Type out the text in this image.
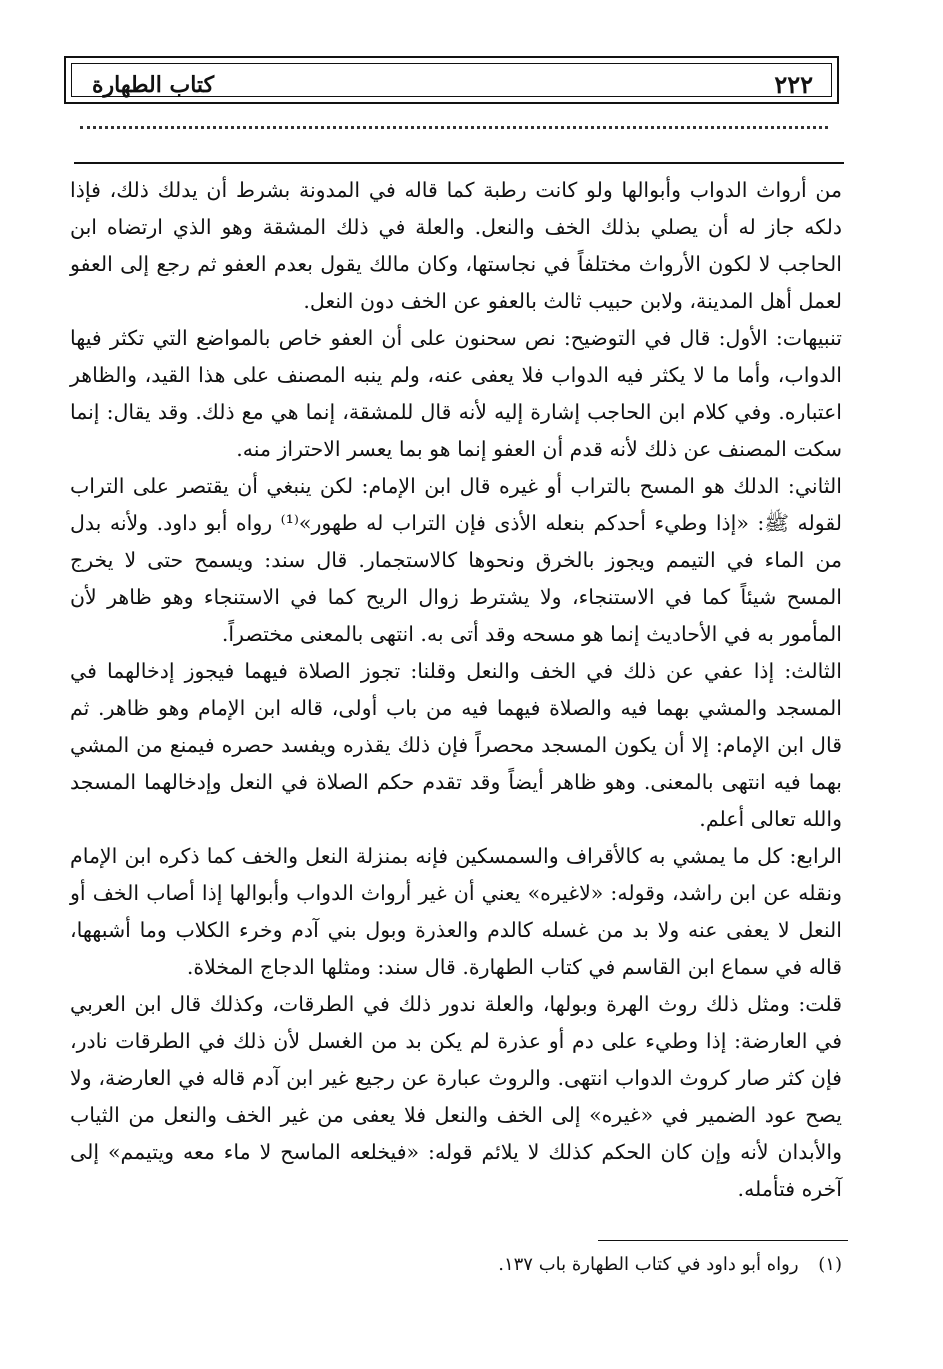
كتاب الطهارة	٢٢٢

من أرواث الدواب وأبوالها ولو كانت رطبة كما قاله في المدونة بشرط أن يدلك ذلك، فإذا دلكه جاز له أن يصلي بذلك الخف والنعل. والعلة في ذلك المشقة وهو الذي ارتضاه ابن الحاجب لا لكون الأرواث مختلفاً في نجاستها، وكان مالك يقول بعدم العفو ثم رجع إلى العفو لعمل أهل المدينة، ولابن حبيب ثالث بالعفو عن الخف دون النعل.

تنبيهات: الأول: قال في التوضيح: نص سحنون على أن العفو خاص بالمواضع التي تكثر فيها الدواب، وأما ما لا يكثر فيه الدواب فلا يعفى عنه، ولم ينبه المصنف على هذا القيد، والظاهر اعتباره. وفي كلام ابن الحاجب إشارة إليه لأنه قال للمشقة، إنما هي مع ذلك. وقد يقال: إنما سكت المصنف عن ذلك لأنه قدم أن العفو إنما هو بما يعسر الاحتراز منه.

الثاني: الدلك هو المسح بالتراب أو غيره قال ابن الإمام: لكن ينبغي أن يقتصر على التراب لقوله ﷺ: «إذا وطيء أحدكم بنعله الأذى فإن التراب له طهور»⁽¹⁾ رواه أبو داود. ولأنه بدل من الماء في التيمم ويجوز بالخرق ونحوها كالاستجمار. قال سند: ويسمح حتى لا يخرج المسح شيئاً كما في الاستنجاء، ولا يشترط زوال الريح كما في الاستنجاء وهو ظاهر لأن المأمور به في الأحاديث إنما هو مسحه وقد أتى به. انتهى بالمعنى مختصراً.

الثالث: إذا عفي عن ذلك في الخف والنعل وقلنا: تجوز الصلاة فيهما فيجوز إدخالهما في المسجد والمشي بهما فيه والصلاة فيهما فيه من باب أولى، قاله ابن الإمام وهو ظاهر. ثم قال ابن الإمام: إلا أن يكون المسجد محصراً فإن ذلك يقذره ويفسد حصره فيمنع من المشي بهما فيه انتهى بالمعنى. وهو ظاهر أيضاً وقد تقدم حكم الصلاة في النعل وإدخالهما المسجد والله تعالى أعلم.

الرابع: كل ما يمشي به كالأقراف والسمسكين فإنه بمنزلة النعل والخف كما ذكره ابن الإمام ونقله عن ابن راشد، وقوله: «لاغيره» يعني أن غير أرواث الدواب وأبوالها إذا أصاب الخف أو النعل لا يعفى عنه ولا بد من غسله كالدم والعذرة وبول بني آدم وخرء الكلاب وما أشبهها، قاله في سماع ابن القاسم في كتاب الطهارة. قال سند: ومثلها الدجاج المخلاة.

قلت: ومثل ذلك روث الهرة وبولها، والعلة ندور ذلك في الطرقات، وكذلك قال ابن العربي في العارضة: إذا وطيء على دم أو عذرة لم يكن بد من الغسل لأن ذلك في الطرقات نادر، فإن كثر صار كروث الدواب انتهى. والروث عبارة عن رجيع غير ابن آدم قاله في العارضة، ولا يصح عود الضمير في «غيره» إلى الخف والنعل فلا يعفى من غير الخف والنعل من الثياب والأبدان لأنه وإن كان الحكم كذلك لا يلائم قوله: «فيخلعه الماسح لا ماء معه ويتيمم» إلى آخره فتأمله.

(١) رواه أبو داود في كتاب الطهارة باب ١٣٧.
